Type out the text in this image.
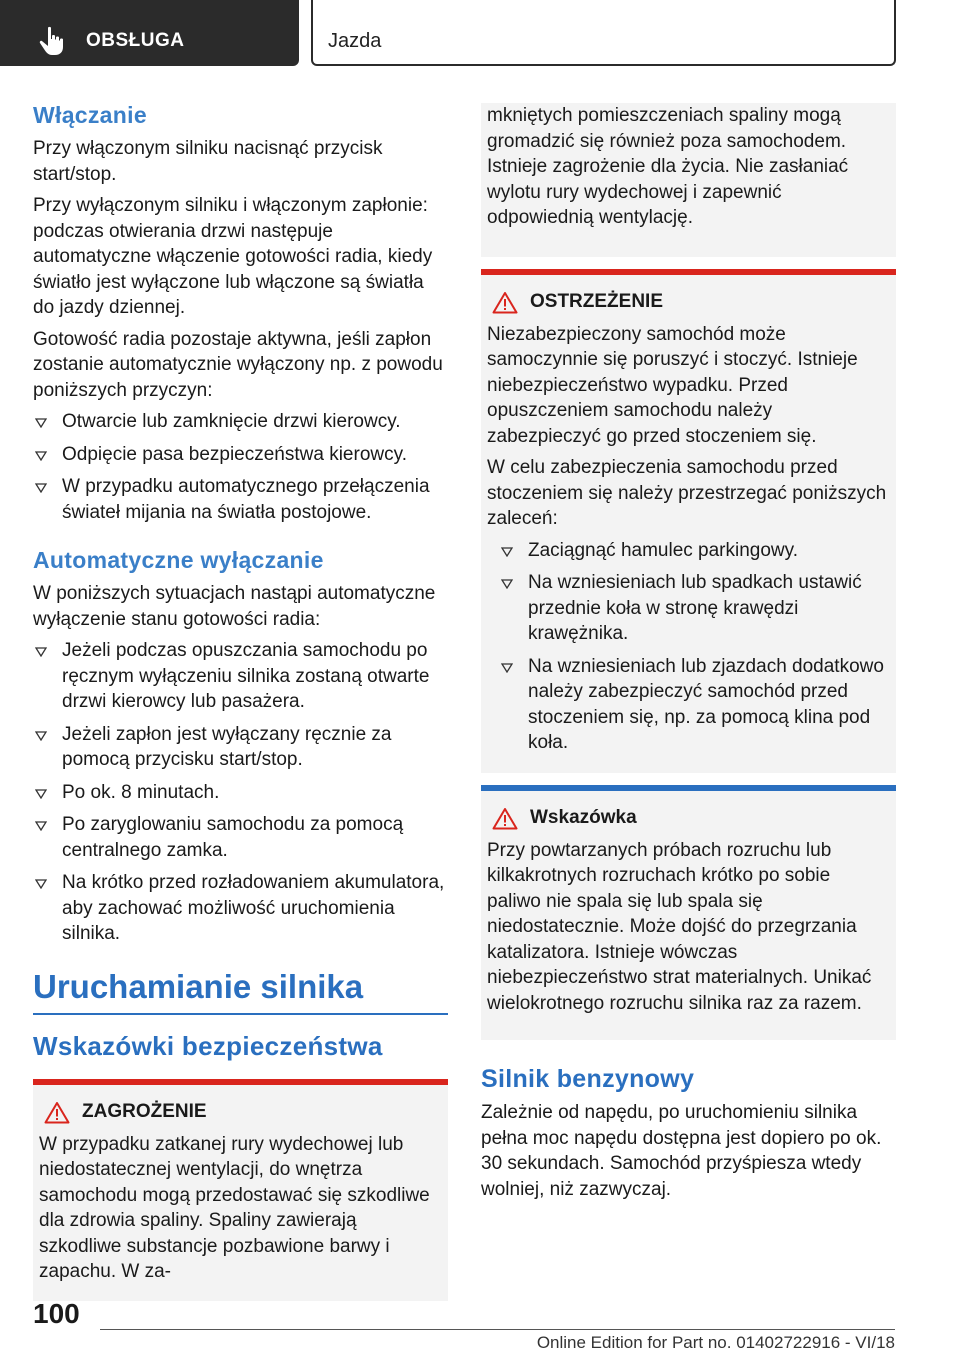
OBSŁUGA	Jazda
Włączanie

Przy włączonym silniku nacisnąć przycisk start/stop.

Przy wyłączonym silniku i włączonym zapłonie: podczas otwierania drzwi następuje automatyczne włączenie gotowości radia, kiedy światło jest wyłączone lub włączone są światła do jazdy dziennej.

Gotowość radia pozostaje aktywna, jeśli zapłon zostanie automatycznie wyłączony np. z powodu poniższych przyczyn:

Otwarcie lub zamknięcie drzwi kierowcy.
Odpięcie pasa bezpieczeństwa kierowcy.
W przypadku automatycznego przełączenia świateł mijania na światła postojowe.
Automatyczne wyłączanie

W poniższych sytuacjach nastąpi automatyczne wyłączenie stanu gotowości radia:

Jeżeli podczas opuszczania samochodu po ręcznym wyłączeniu silnika zostaną otwarte drzwi kierowcy lub pasażera.
Jeżeli zapłon jest wyłączany ręcznie za pomocą przycisku start/stop.
Po ok. 8 minutach.
Po zaryglowaniu samochodu za pomocą centralnego zamka.
Na krótko przed rozładowaniem akumulatora, aby zachować możliwość uruchomienia silnika.
Uruchamianie silnika
Wskazówki bezpieczeństwa
ZAGROŻENIE

W przypadku zatkanej rury wydechowej lub niedostatecznej wentylacji, do wnętrza samochodu mogą przedostawać się szkodliwe dla zdrowia spaliny. Spaliny zawierają szkodliwe substancje pozbawione barwy i zapachu. W za-

mkniętych pomieszczeniach spaliny mogą gromadzić się również poza samochodem. Istnieje zagrożenie dla życia. Nie zasłaniać wylotu rury wydechowej i zapewnić odpowiednią wentylację.

OSTRZEŻENIE

Niezabezpieczony samochód może samoczynnie się poruszyć i stoczyć. Istnieje niebezpieczeństwo wypadku. Przed opuszczeniem samochodu należy zabezpieczyć go przed stoczeniem się.

W celu zabezpieczenia samochodu przed stoczeniem się należy przestrzegać poniższych zaleceń:

Zaciągnąć hamulec parkingowy.
Na wzniesieniach lub spadkach ustawić przednie koła w stronę krawędzi krawężnika.
Na wzniesieniach lub zjazdach dodatkowo należy zabezpieczyć samochód przed stoczeniem się, np. za pomocą klina pod koła.
Wskazówka

Przy powtarzanych próbach rozruchu lub kilkakrotnych rozruchach krótko po sobie paliwo nie spala się lub spala się niedostatecznie. Może dojść do przegrzania katalizatora. Istnieje wówczas niebezpieczeństwo strat materialnych. Unikać wielokrotnego rozruchu silnika raz za razem.

Silnik benzynowy

Zależnie od napędu, po uruchomieniu silnika pełna moc napędu dostępna jest dopiero po ok. 30 sekundach. Samochód przyśpiesza wtedy wolniej, niż zazwyczaj.

100
Online Edition for Part no. 01402722916 - VI/18
